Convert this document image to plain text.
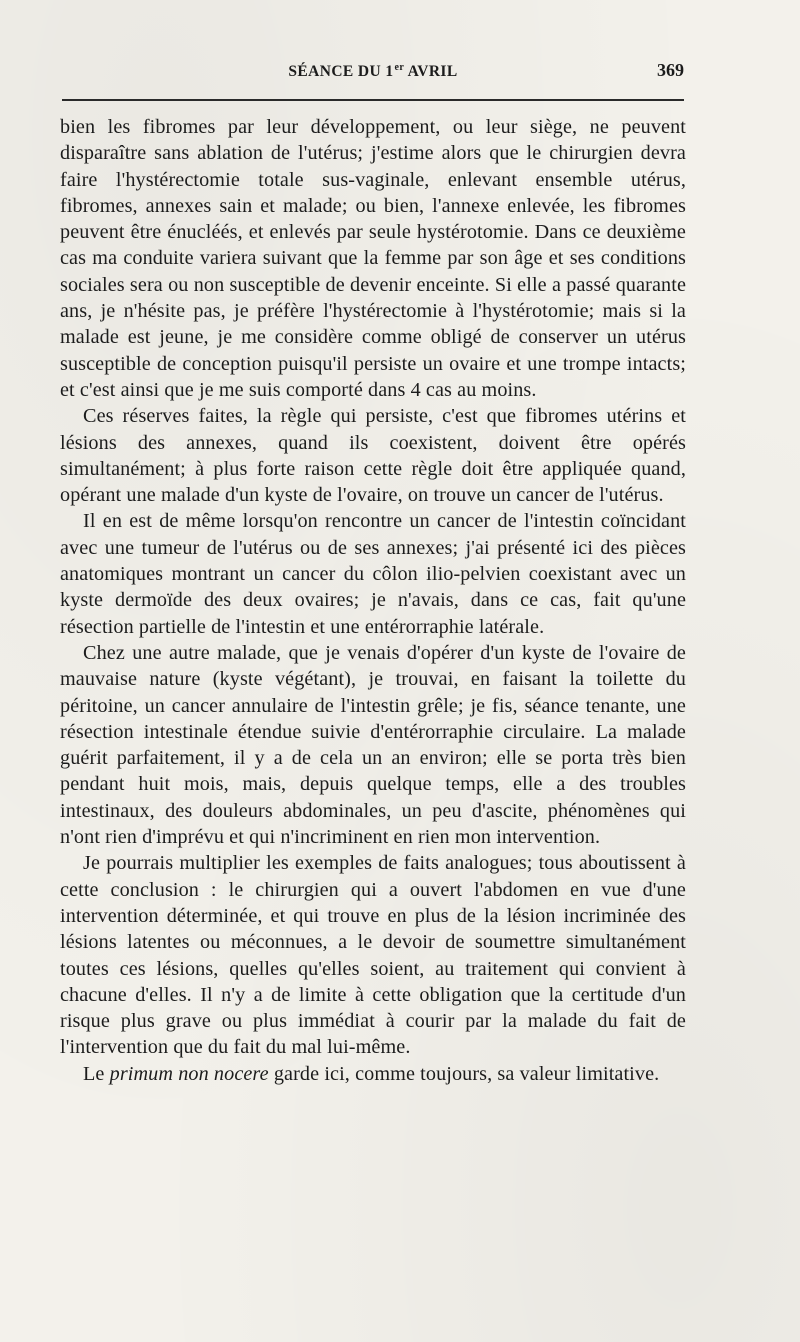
SÉANCE DU 1er AVRIL	369

bien les fibromes par leur développement, ou leur siège, ne peuvent disparaître sans ablation de l'utérus; j'estime alors que le chirurgien devra faire l'hystérectomie totale sus-vaginale, enlevant ensemble utérus, fibromes, annexes sain et malade; ou bien, l'annexe enlevée, les fibromes peuvent être énucléés, et enlevés par seule hystérotomie. Dans ce deuxième cas ma conduite variera suivant que la femme par son âge et ses conditions sociales sera ou non susceptible de devenir enceinte. Si elle a passé quarante ans, je n'hésite pas, je préfère l'hystérectomie à l'hystérotomie; mais si la malade est jeune, je me considère comme obligé de conserver un utérus susceptible de conception puisqu'il persiste un ovaire et une trompe intacts; et c'est ainsi que je me suis comporté dans 4 cas au moins.

Ces réserves faites, la règle qui persiste, c'est que fibromes utérins et lésions des annexes, quand ils coexistent, doivent être opérés simultanément; à plus forte raison cette règle doit être appliquée quand, opérant une malade d'un kyste de l'ovaire, on trouve un cancer de l'utérus.

Il en est de même lorsqu'on rencontre un cancer de l'intestin coïncidant avec une tumeur de l'utérus ou de ses annexes; j'ai présenté ici des pièces anatomiques montrant un cancer du côlon ilio-pelvien coexistant avec un kyste dermoïde des deux ovaires; je n'avais, dans ce cas, fait qu'une résection partielle de l'intestin et une entérorraphie latérale.

Chez une autre malade, que je venais d'opérer d'un kyste de l'ovaire de mauvaise nature (kyste végétant), je trouvai, en faisant la toilette du péritoine, un cancer annulaire de l'intestin grêle; je fis, séance tenante, une résection intestinale étendue suivie d'entérorraphie circulaire. La malade guérit parfaitement, il y a de cela un an environ; elle se porta très bien pendant huit mois, mais, depuis quelque temps, elle a des troubles intestinaux, des douleurs abdominales, un peu d'ascite, phénomènes qui n'ont rien d'imprévu et qui n'incriminent en rien mon intervention.

Je pourrais multiplier les exemples de faits analogues; tous aboutissent à cette conclusion : le chirurgien qui a ouvert l'abdomen en vue d'une intervention déterminée, et qui trouve en plus de la lésion incriminée des lésions latentes ou méconnues, a le devoir de soumettre simultanément toutes ces lésions, quelles qu'elles soient, au traitement qui convient à chacune d'elles. Il n'y a de limite à cette obligation que la certitude d'un risque plus grave ou plus immédiat à courir par la malade du fait de l'intervention que du fait du mal lui-même.

Le primum non nocere garde ici, comme toujours, sa valeur limitative.
